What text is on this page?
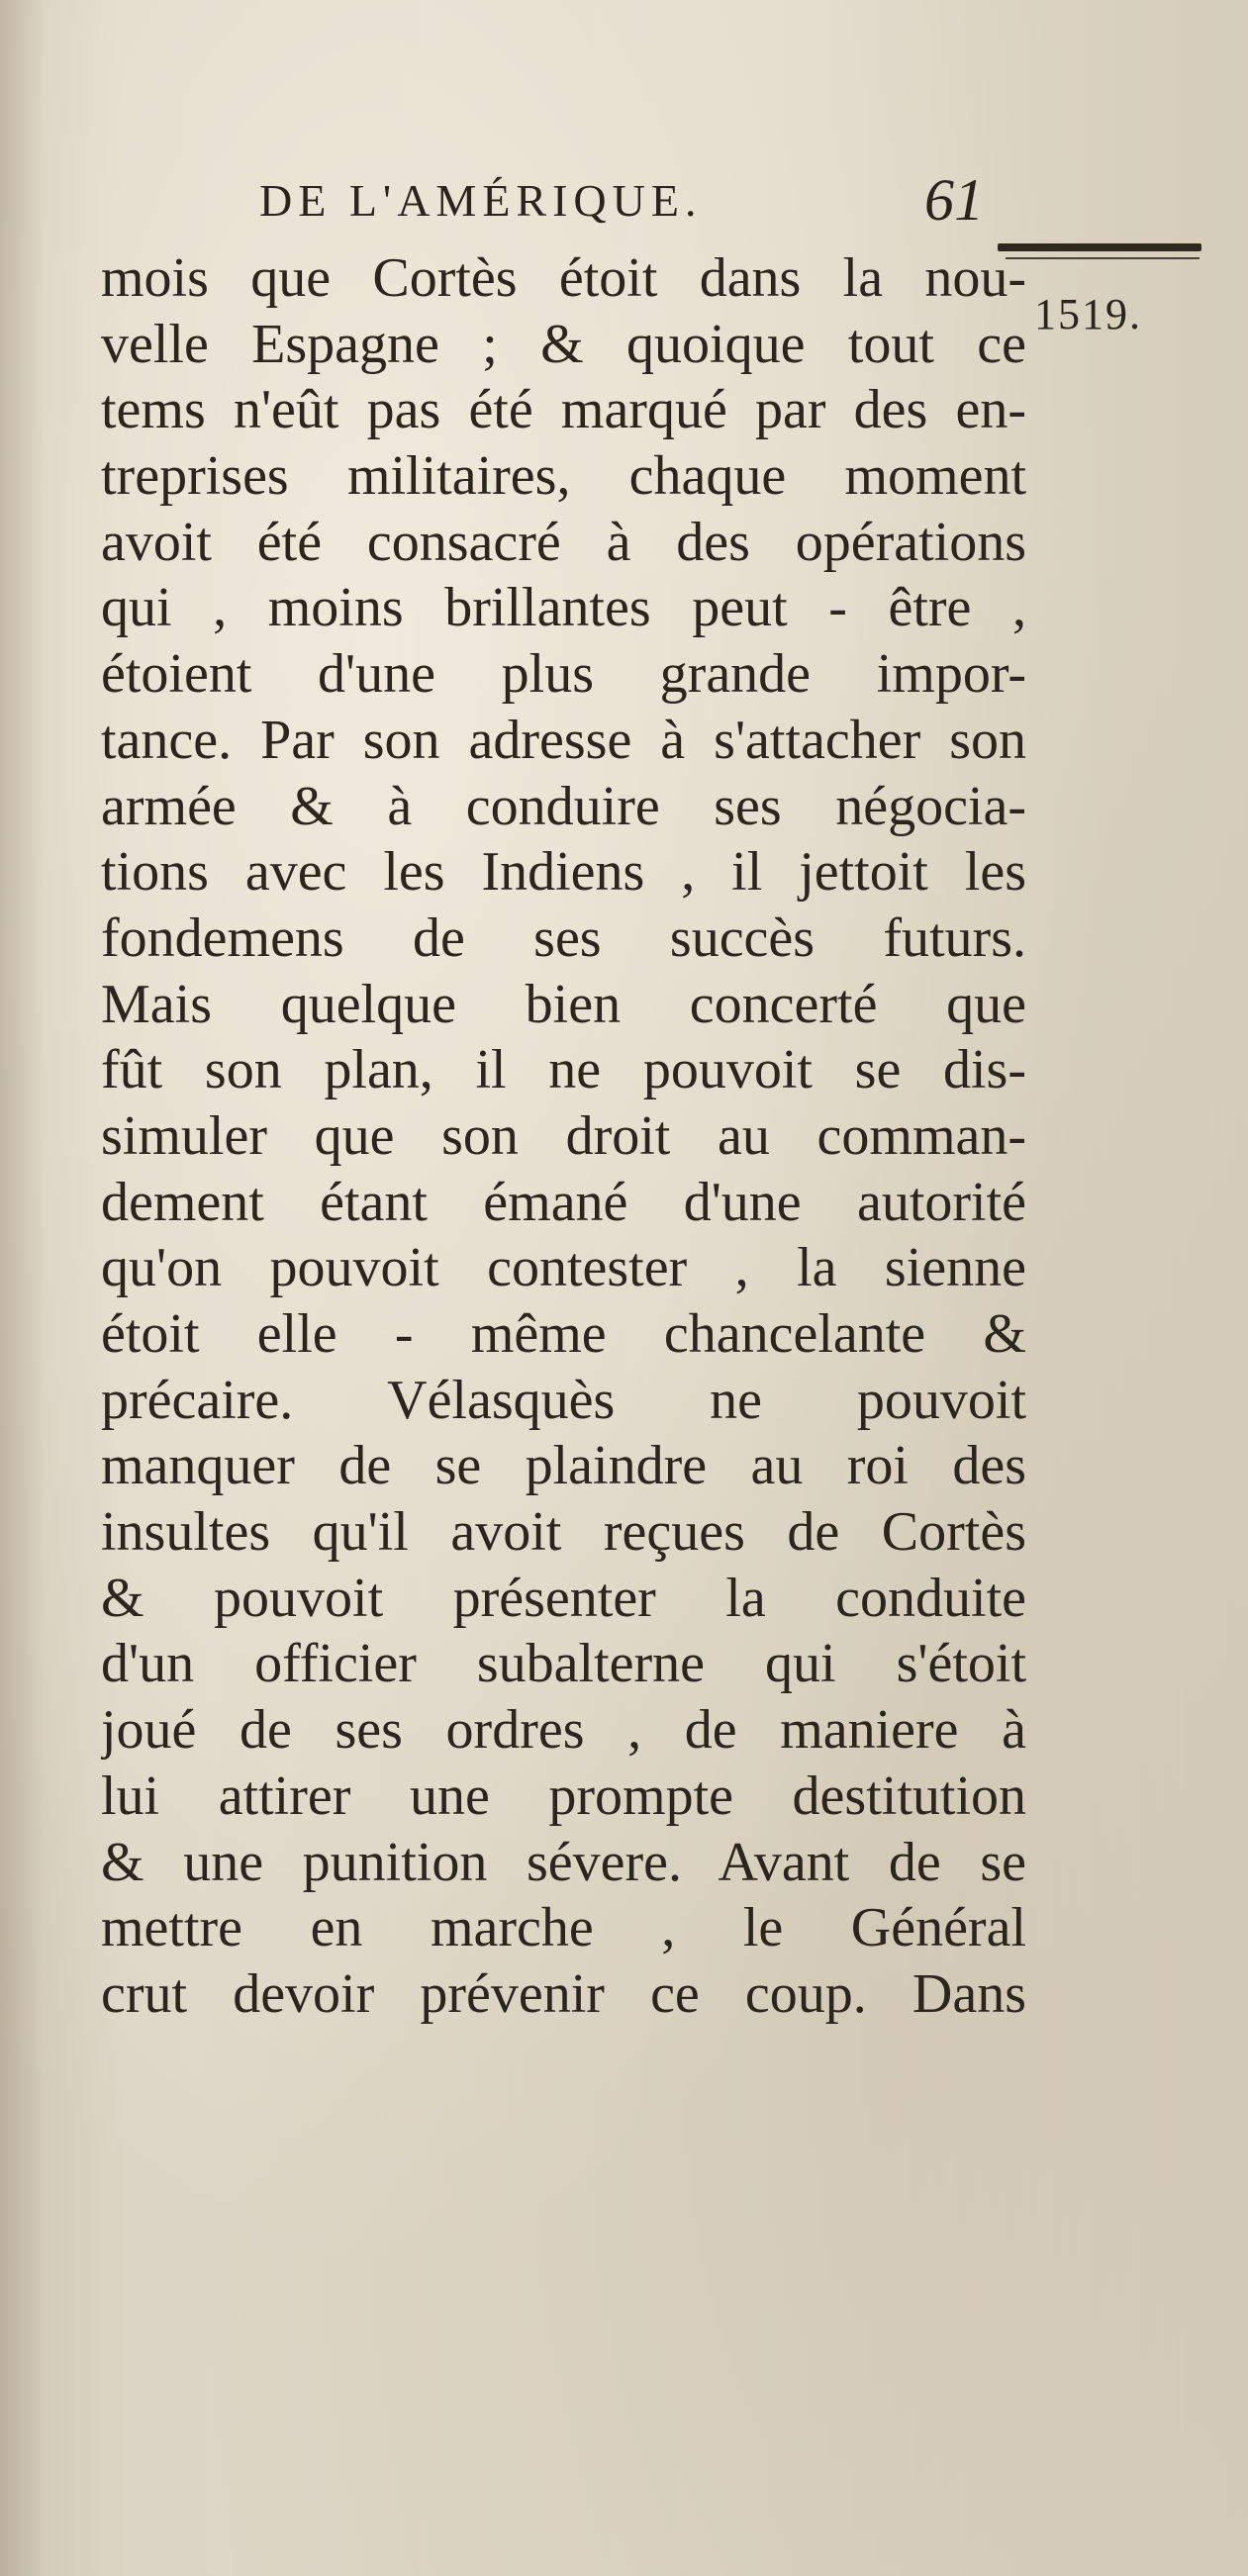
DE L'AMÉRIQUE.	61
1519.
mois que Cortès étoit dans la nou-
velle Espagne ; & quoique tout ce
tems n'eût pas été marqué par des en-
treprises militaires, chaque moment
avoit été consacré à des opérations
qui , moins brillantes peut - être ,
étoient d'une plus grande impor-
tance. Par son adresse à s'attacher son
armée & à conduire ses négocia-
tions avec les Indiens , il jettoit les
fondemens de ses succès futurs.
Mais quelque bien concerté que
fût son plan, il ne pouvoit se dis-
simuler que son droit au comman-
dement étant émané d'une autorité
qu'on pouvoit contester , la sienne
étoit elle - même chancelante &
précaire. Vélasquès ne pouvoit
manquer de se plaindre au roi des
insultes qu'il avoit reçues de Cortès
& pouvoit présenter la conduite
d'un officier subalterne qui s'étoit
joué de ses ordres , de maniere à
lui attirer une prompte destitution
& une punition sévere. Avant de se
mettre en marche , le Général
crut devoir prévenir ce coup. Dans
